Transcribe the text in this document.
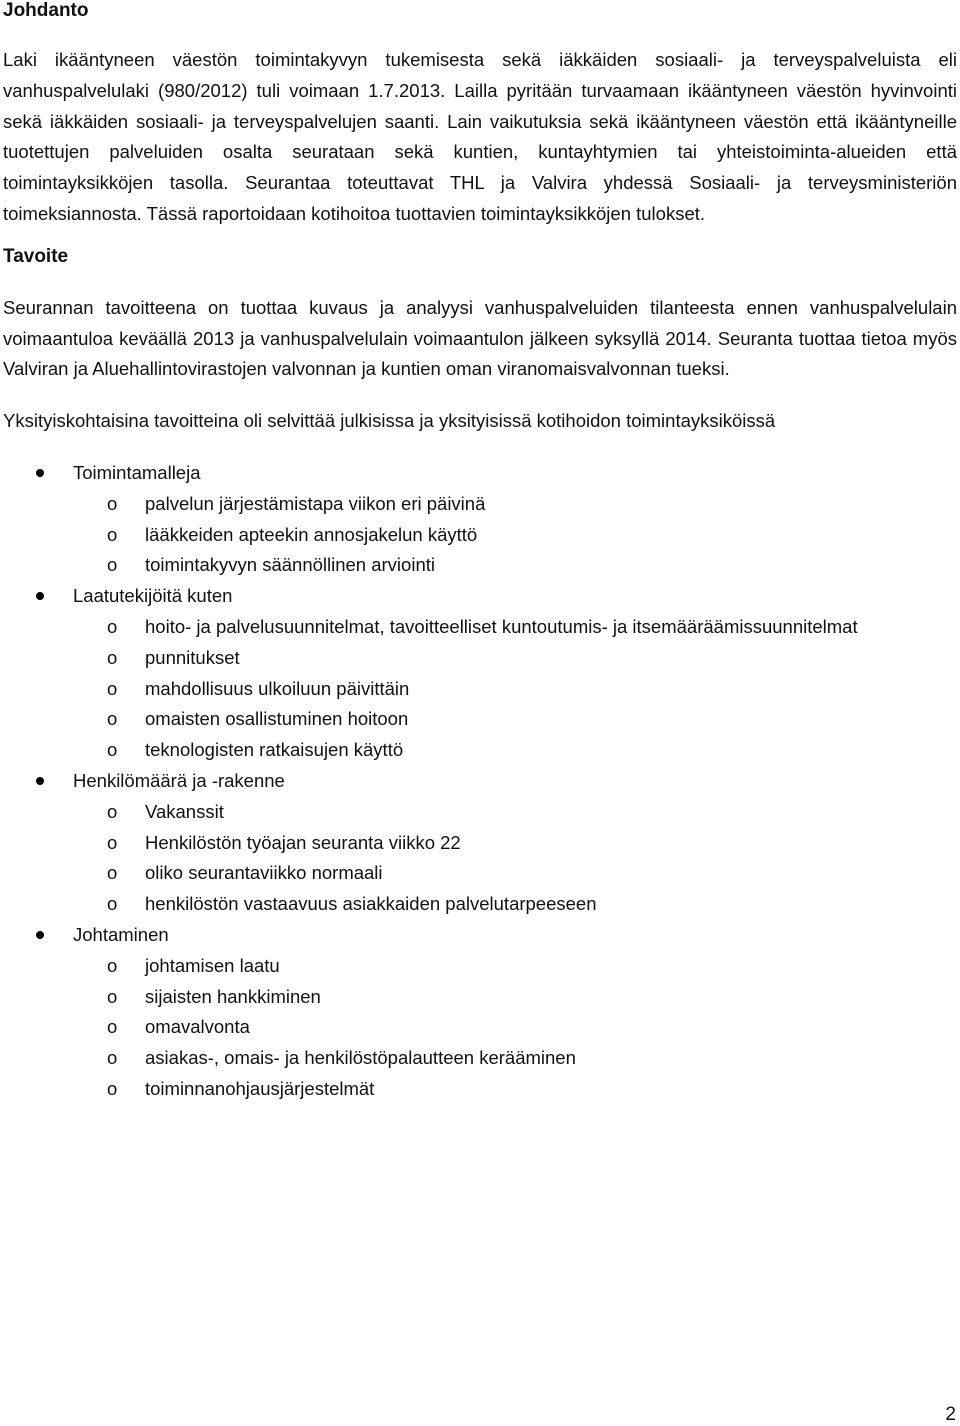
Johdanto

Laki ikääntyneen väestön toimintakyvyn tukemisesta sekä iäkkäiden sosiaali- ja terveyspalveluista eli vanhuspalvelulaki (980/2012) tuli voimaan 1.7.2013. Lailla pyritään turvaamaan ikääntyneen väestön hyvinvointi sekä iäkkäiden sosiaali- ja terveyspalvelujen saanti. Lain vaikutuksia sekä ikääntyneen väestön että ikääntyneille tuotettujen palveluiden osalta seurataan sekä kuntien, kuntayhtymien tai yhteistoiminta-alueiden että toimintayksikköjen tasolla. Seurantaa toteuttavat THL ja Valvira yhdessä Sosiaali- ja terveysministeriön toimeksiannosta. Tässä raportoidaan kotihoitoa tuottavien toimintayksikköjen tulokset.

Tavoite

Seurannan tavoitteena on tuottaa kuvaus ja analyysi vanhuspalveluiden tilanteesta ennen vanhuspalvelulain voimaantuloa keväällä 2013 ja vanhuspalvelulain voimaantulon jälkeen syksyllä 2014. Seuranta tuottaa tietoa myös Valviran ja Aluehallintovirastojen valvonnan ja kuntien oman viranomaisvalvonnan tueksi.

Yksityiskohtaisina tavoitteina oli selvittää julkisissa ja yksityisissä kotihoidon toimintayksiköissä

Toimintamalleja
o palvelun järjestämistapa viikon eri päivinä
o lääkkeiden apteekin annosjakelun käyttö
o toimintakyvyn säännöllinen arviointi
Laatutekijöitä kuten
o hoito- ja palvelusuunnitelmat, tavoitteelliset kuntoutumis- ja itsemääräämissuunnitelmat
o punnitukset
o mahdollisuus ulkoiluun päivittäin
o omaisten osallistuminen hoitoon
o teknologisten ratkaisujen käyttö
Henkilömäärä ja -rakenne
o Vakanssit
o Henkilöstön työajan seuranta viikko 22
o oliko seurantaviikko normaali
o henkilöstön vastaavuus asiakkaiden palvelutarpeeseen
Johtaminen
o johtamisen laatu
o sijaisten hankkiminen
o omavalvonta
o asiakas-, omais- ja henkilöstöpalautteen kerääminen
o toiminnanohjausjärjestelmät
2
